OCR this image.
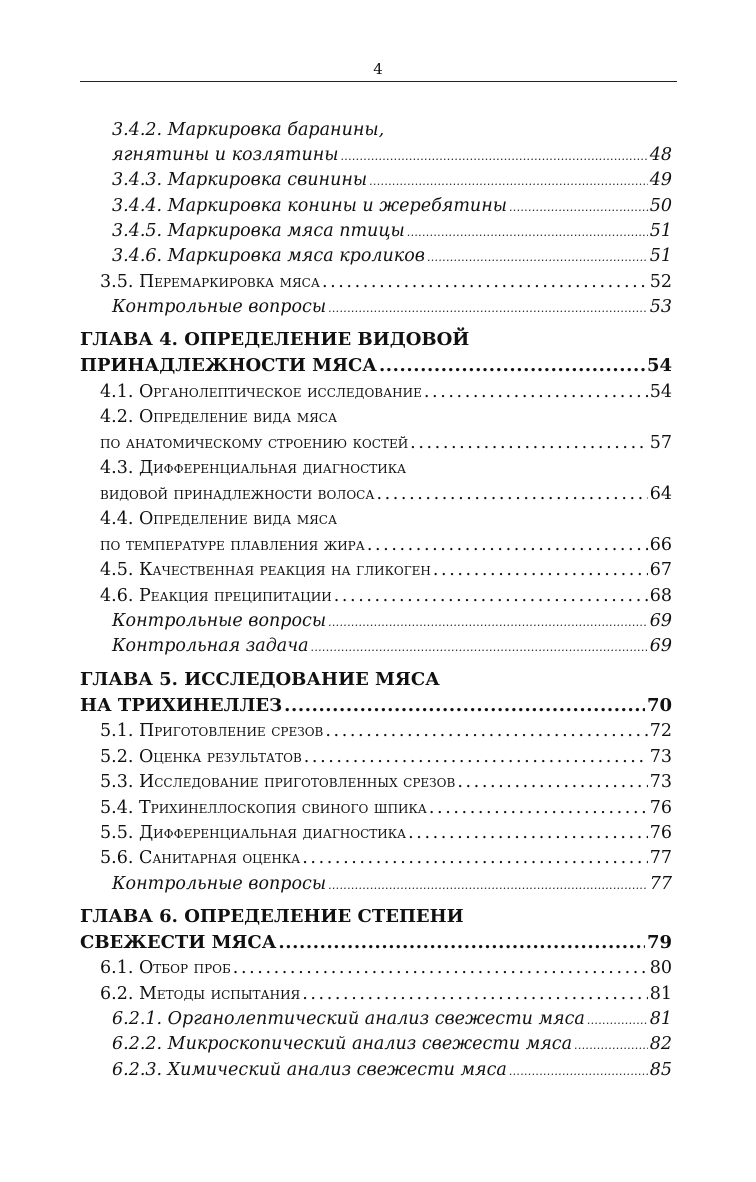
4
3.4.2. Маркировка баранины,
ягнятины и козлятины .....	48
3.4.3. Маркировка свинины .....	49
3.4.4. Маркировка конины и жеребятины .....	50
3.4.5. Маркировка мяса птицы .....	51
3.4.6. Маркировка мяса кроликов .....	51
3.5. Перемаркировка мяса .....	52
Контрольные вопросы .....	53
ГЛАВА 4. ОПРЕДЕЛЕНИЕ ВИДОВОЙ
ПРИНАДЛЕЖНОСТИ МЯСА .....	54
4.1. Органолептическое исследование .....	54
4.2. Определение вида мяса
по анатомическому строению костей .....	57
4.3. Дифференциальная диагностика
видовой принадлежности волоса .....	64
4.4. Определение вида мяса
по температуре плавления жира .....	66
4.5. Качественная реакция на гликоген .....	67
4.6. Реакция преципитации .....	68
Контрольные вопросы .....	69
Контрольная задача .....	69
ГЛАВА 5. ИССЛЕДОВАНИЕ МЯСА
НА ТРИХИНЕЛЛЕЗ .....	70
5.1. Приготовление срезов .....	72
5.2. Оценка результатов .....	73
5.3. Исследование приготовленных срезов .....	73
5.4. Трихинеллоскопия свиного шпика .....	76
5.5. Дифференциальная диагностика .....	76
5.6. Санитарная оценка .....	77
Контрольные вопросы .....	77
ГЛАВА 6. ОПРЕДЕЛЕНИЕ СТЕПЕНИ
СВЕЖЕСТИ МЯСА .....	79
6.1. Отбор проб .....	80
6.2. Методы испытания .....	81
6.2.1. Органолептический анализ свежести мяса .....	81
6.2.2. Микроскопический анализ свежести мяса .....	82
6.2.3. Химический анализ свежести мяса .....	85
